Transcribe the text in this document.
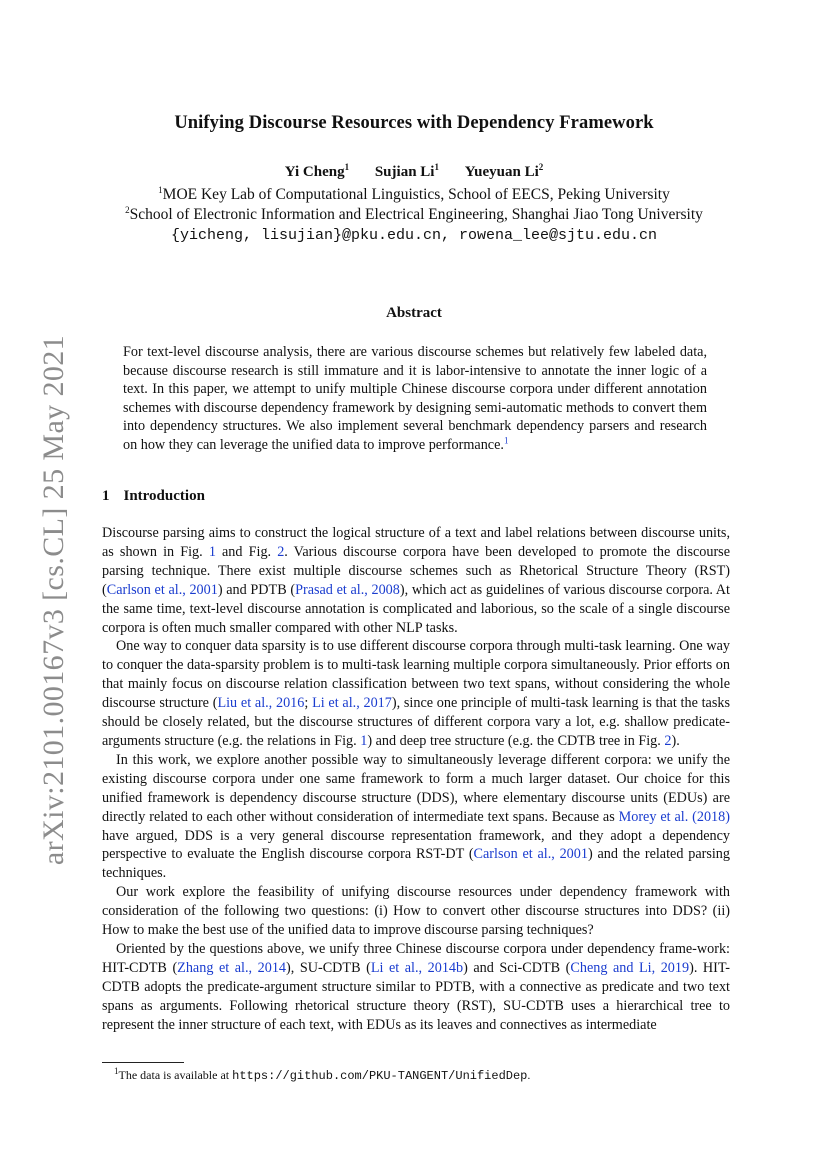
arXiv:2101.00167v3 [cs.CL] 25 May 2021
Unifying Discourse Resources with Dependency Framework
Yi Cheng$^1$ Sujian Li$^1$ Yueyuan Li$^2$
$^1$MOE Key Lab of Computational Linguistics, School of EECS, Peking University
$^2$School of Electronic Information and Electrical Engineering, Shanghai Jiao Tong University
{yicheng, lisujian}@pku.edu.cn, rowena_lee@sjtu.edu.cn
Abstract
For text-level discourse analysis, there are various discourse schemes but relatively few labeled data, because discourse research is still immature and it is labor-intensive to annotate the inner logic of a text. In this paper, we attempt to unify multiple Chinese discourse corpora under different annotation schemes with discourse dependency framework by designing semi-automatic methods to convert them into dependency structures. We also implement several benchmark dependency parsers and research on how they can leverage the unified data to improve performance.$^1$
1 Introduction

Discourse parsing aims to construct the logical structure of a text and label relations between discourse units, as shown in Fig. 1 and Fig. 2. Various discourse corpora have been developed to promote the discourse parsing technique. There exist multiple discourse schemes such as Rhetorical Structure Theory (RST) (Carlson et al., 2001) and PDTB (Prasad et al., 2008), which act as guidelines of various discourse corpora. At the same time, text-level discourse annotation is complicated and laborious, so the scale of a single discourse corpora is often much smaller compared with other NLP tasks.

One way to conquer data sparsity is to use different discourse corpora through multi-task learning. One way to conquer the data-sparsity problem is to multi-task learning multiple corpora simultaneously. Prior efforts on that mainly focus on discourse relation classification between two text spans, without considering the whole discourse structure (Liu et al., 2016; Li et al., 2017), since one principle of multi-task learning is that the tasks should be closely related, but the discourse structures of different corpora vary a lot, e.g. shallow predicate-arguments structure (e.g. the relations in Fig. 1) and deep tree structure (e.g. the CDTB tree in Fig. 2).

In this work, we explore another possible way to simultaneously leverage different corpora: we unify the existing discourse corpora under one same framework to form a much larger dataset. Our choice for this unified framework is dependency discourse structure (DDS), where elementary discourse units (EDUs) are directly related to each other without consideration of intermediate text spans. Because as Morey et al. (2018) have argued, DDS is a very general discourse representation framework, and they adopt a dependency perspective to evaluate the English discourse corpora RST-DT (Carlson et al., 2001) and the related parsing techniques.

Our work explore the feasibility of unifying discourse resources under dependency framework with consideration of the following two questions: (i) How to convert other discourse structures into DDS? (ii) How to make the best use of the unified data to improve discourse parsing techniques?

Oriented by the questions above, we unify three Chinese discourse corpora under dependency frame-work: HIT-CDTB (Zhang et al., 2014), SU-CDTB (Li et al., 2014b) and Sci-CDTB (Cheng and Li, 2019). HIT-CDTB adopts the predicate-argument structure similar to PDTB, with a connective as predicate and two text spans as arguments. Following rhetorical structure theory (RST), SU-CDTB uses a hierarchical tree to represent the inner structure of each text, with EDUs as its leaves and connectives as intermediate

$^1$The data is available at https://github.com/PKU-TANGENT/UnifiedDep.
